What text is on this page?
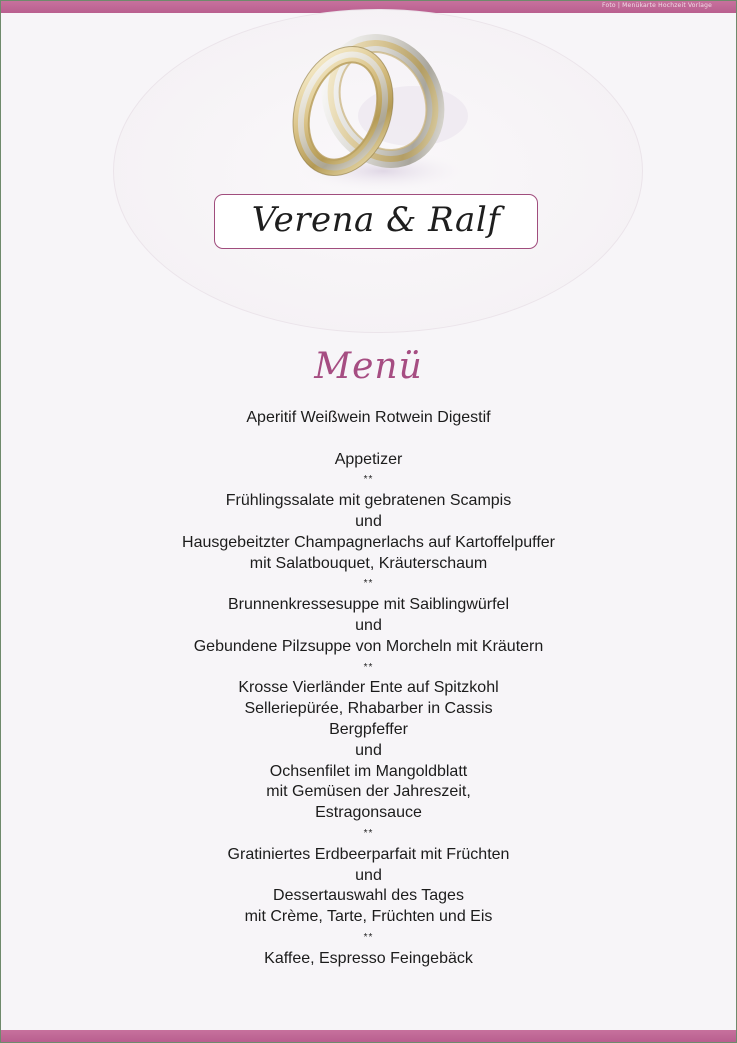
Foto | Menükarte Hochzeit Vorlage
Verena & Ralf
Menü
Aperitif Weißwein Rotwein Digestif
Appetizer
**
Frühlingssalate mit gebratenen Scampis
und
Hausgebeitzter Champagnerlachs auf Kartoffelpuffer
mit Salatbouquet, Kräuterschaum
**
Brunnenkressesuppe mit Saiblingwürfel
und
Gebundene Pilzsuppe von Morcheln mit Kräutern
**
Krosse Vierländer Ente auf Spitzkohl
Selleriepürée, Rhabarber in Cassis
Bergpfeffer
und
Ochsenfilet im Mangoldblatt
mit Gemüsen der Jahreszeit,
Estragonsauce
**
Gratiniertes Erdbeerparfait mit Früchten
und
Dessertauswahl des Tages
mit Crème, Tarte, Früchten und Eis
**
Kaffee, Espresso Feingebäck
